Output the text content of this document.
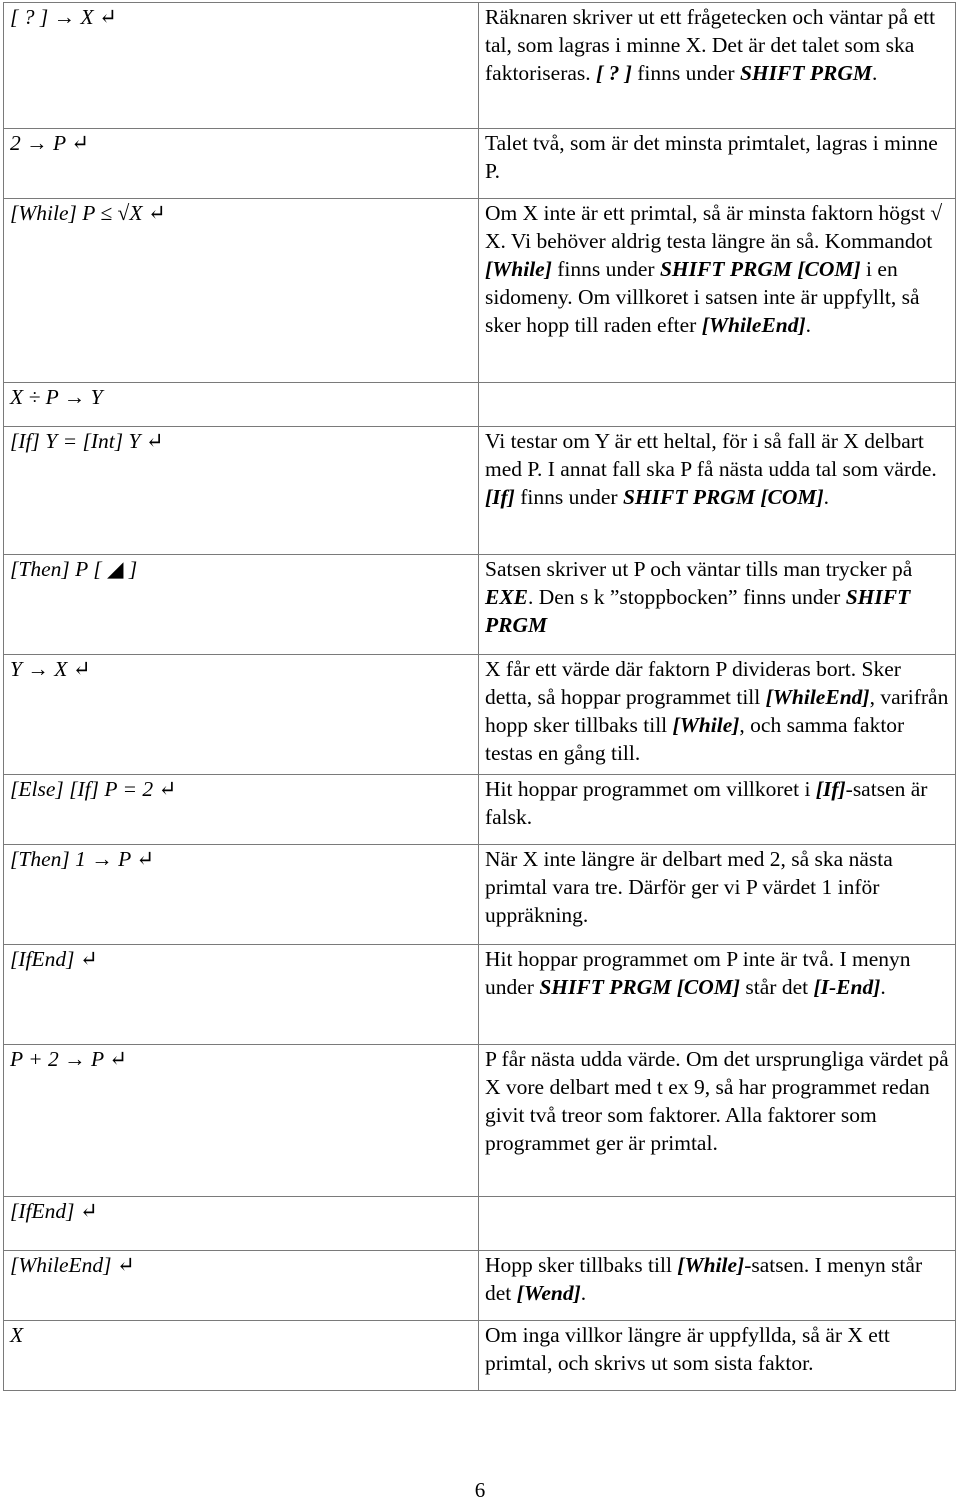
[ ? ] → X ↵	Räknaren skriver ut ett frågetecken och väntar på ett tal, som lagras i minne X. Det är det talet som ska faktoriseras. [ ? ] finns under SHIFT PRGM.
2 → P ↵	Talet två, som är det minsta primtalet, lagras i minne P.
[While] P ≤ √X ↵	Om X inte är ett primtal, så är minsta faktorn högst √ X. Vi behöver aldrig testa längre än så. Kommandot [While] finns under SHIFT PRGM [COM] i en sidomeny. Om villkoret i satsen inte är uppfyllt, så sker hopp till raden efter [WhileEnd].
X ÷ P → Y	
[If] Y = [Int] Y ↵	Vi testar om Y är ett heltal, för i så fall är X delbart med P. I annat fall ska P få nästa udda tal som värde. [If] finns under SHIFT PRGM [COM].
[Then] P [ ◢ ]	Satsen skriver ut P och väntar tills man trycker på EXE. Den s k ”stoppbocken” finns under SHIFT PRGM
Y → X ↵	X får ett värde där faktorn P divideras bort. Sker detta, så hoppar programmet till [WhileEnd], varifrån hopp sker tillbaks till [While], och samma faktor testas en gång till.
[Else] [If] P = 2 ↵	Hit hoppar programmet om villkoret i [If]-satsen är falsk.
[Then] 1 → P ↵	När X inte längre är delbart med 2, så ska nästa primtal vara tre. Därför ger vi P värdet 1 inför uppräkning.
[IfEnd] ↵	Hit hoppar programmet om P inte är två. I menyn under SHIFT PRGM [COM] står det [I-End].
P + 2 → P ↵	P får nästa udda värde. Om det ursprungliga värdet på X vore delbart med t ex 9, så har programmet redan givit två treor som faktorer. Alla faktorer som programmet ger är primtal.
[IfEnd] ↵	
[WhileEnd] ↵	Hopp sker tillbaks till [While]-satsen. I menyn står det [Wend].
X	Om inga villkor längre är uppfyllda, så är X ett primtal, och skrivs ut som sista faktor.
6
